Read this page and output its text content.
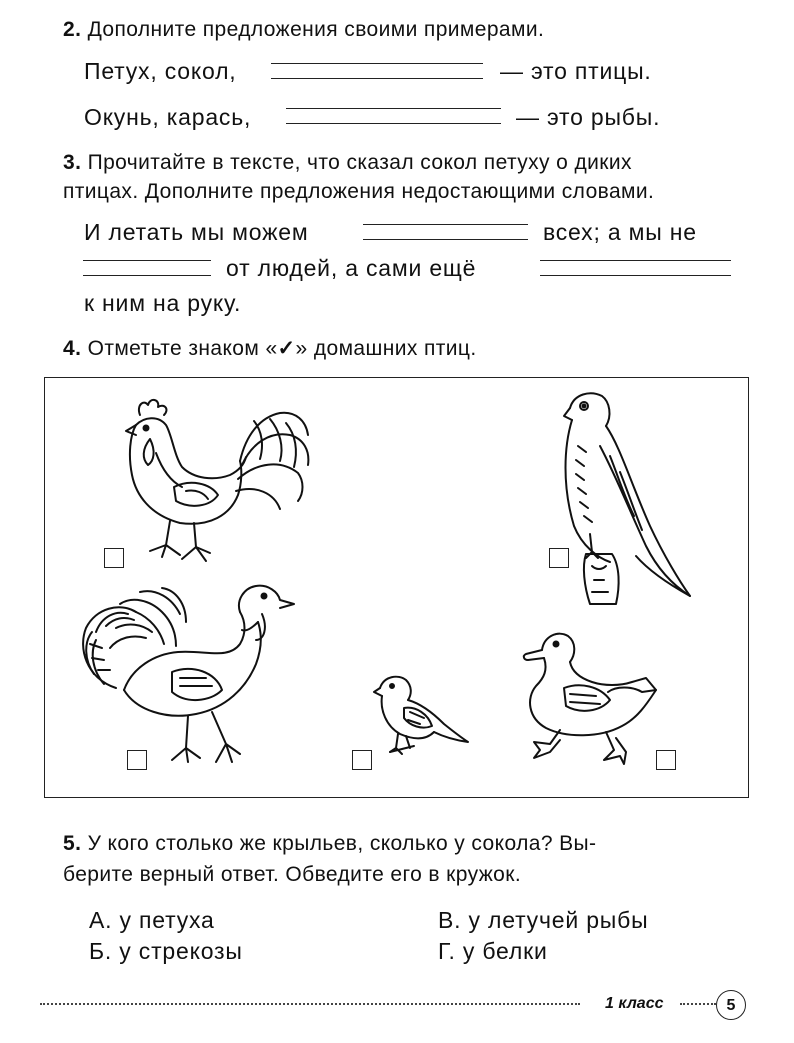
2. Дополните предложения своими примерами.
Петух, сокол,	— это птицы.
Окунь, карась,	— это рыбы.
3. Прочитайте в тексте, что сказал сокол петуху о диких
птицах. Дополните предложения недостающими словами.
И летать мы можем	всех; а мы не
от людей, а сами ещё
к ним на руку.
4. Отметьте знаком «✓» домашних птиц.
5. У кого столько же крыльев, сколько у сокола? Вы-
берите верный ответ. Обведите его в кружок.
А. у петуха	В. у летучей рыбы
Б. у стрекозы	Г. у белки
1 класс	5
